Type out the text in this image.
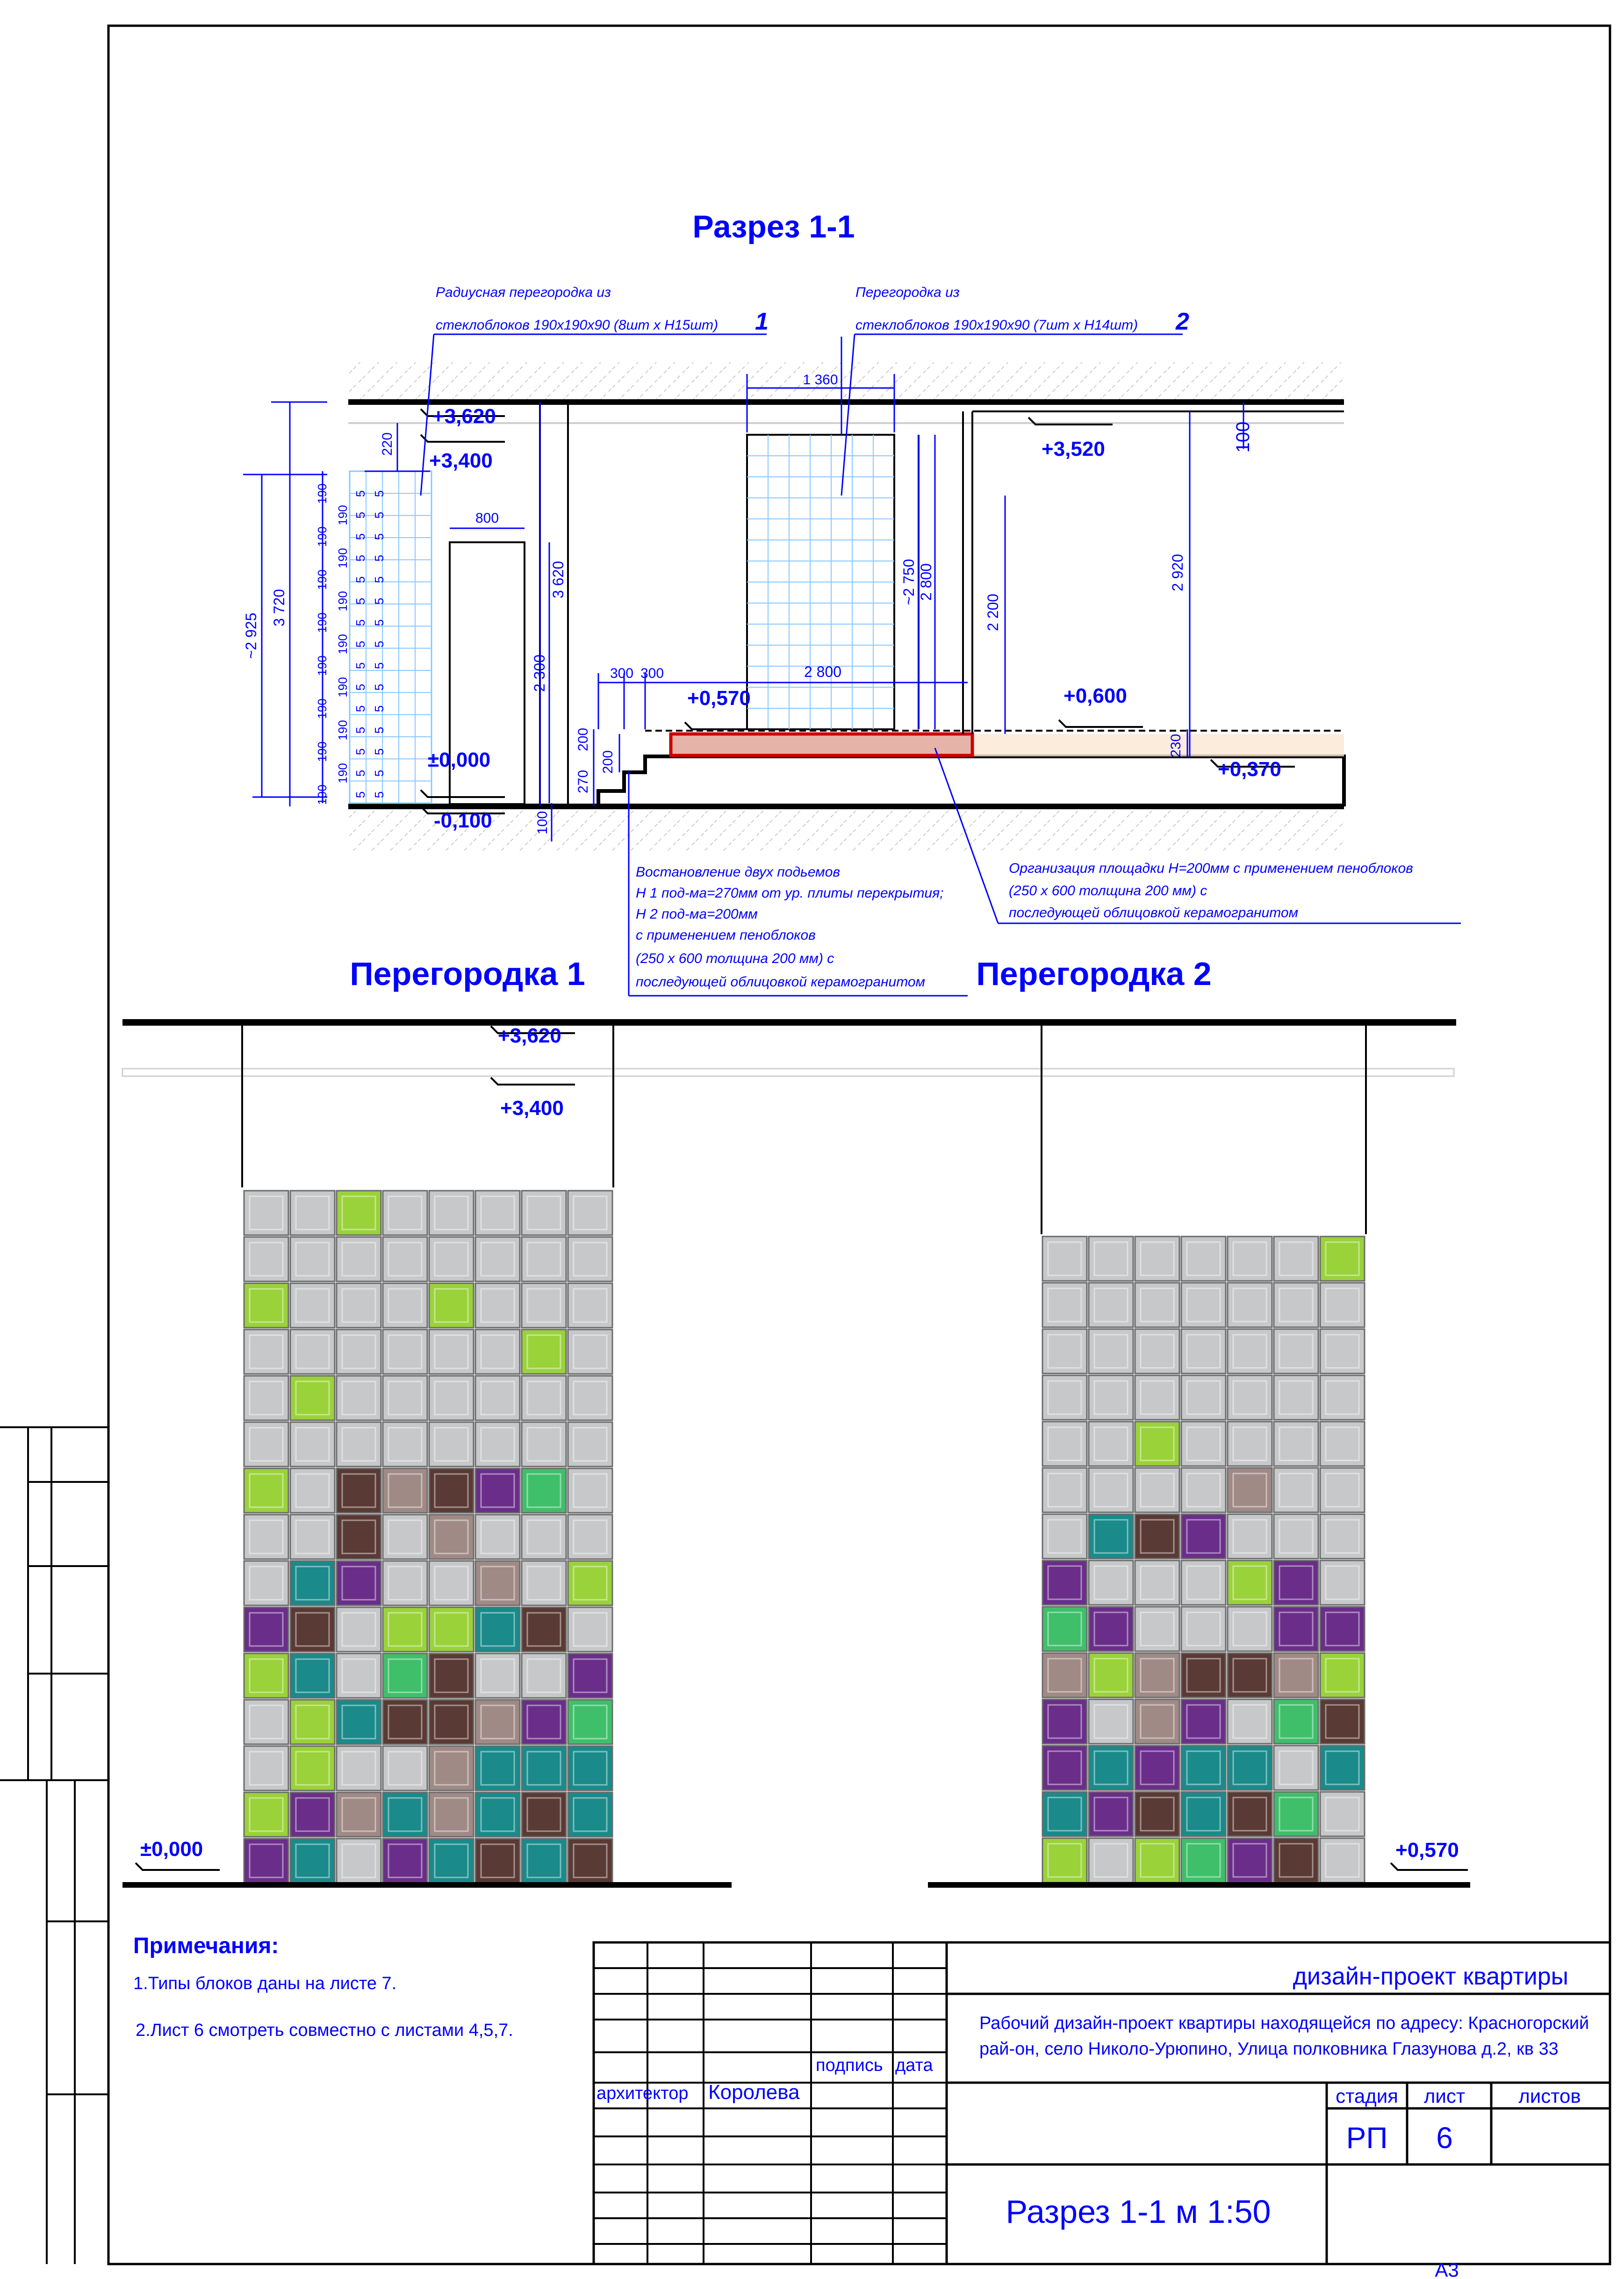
Разрез 1-1
Радиусная перегородка из
стеклоблоков 190x190x90 (8шт x H15шт) 1
Перегородка из
стеклоблоков 190x190x90 (7шт x H14шт) 2
+3,620
+3,400
+3,520
+0,570	+0,600
±0,000
-0,100
+0,370
1 360
800
220
3 720
~2 925
3 620
2 300
~2 750 2 800
2 200
2 920
100
300 300	2 800
270
200
200
230
100
190 5 5
190 5 5
190 5 5
190 5 5
190 5 5
190 5 5
190 5 5
190 5 5
190 5 5
190 5 5
190 5 5
190 5 5
190 5 5
190 5 5
190 5 5
Востановление двух подьемов
H 1 под-ма=270мм от ур. плиты перекрытия;
H 2 под-ма=200мм
с применением пеноблоков
(250 x 600 толщина 200 мм) с
последующей облицовкой керамогранитом
Организация площадки H=200мм с применением пеноблоков
(250 x 600 толщина 200 мм) с
последующей облицовкой керамогранитом
Перегородка 1	Перегородка 2
+3,620
+3,400
±0,000	+0,570
Примечания:
1.Типы блоков даны на листе 7.
2.Лист 6 смотреть совместно с листами 4,5,7.
подпись дата
архитектор Королева
дизайн-проект квартиры
Рабочий дизайн-проект квартиры находящейся по адресу: Красногорский
рай-он, село Николо-Урюпино, Улица полковника Глазунова д.2, кв 33
стадия лист	листов
РП 6
Разрез 1-1 м 1:50
А3
